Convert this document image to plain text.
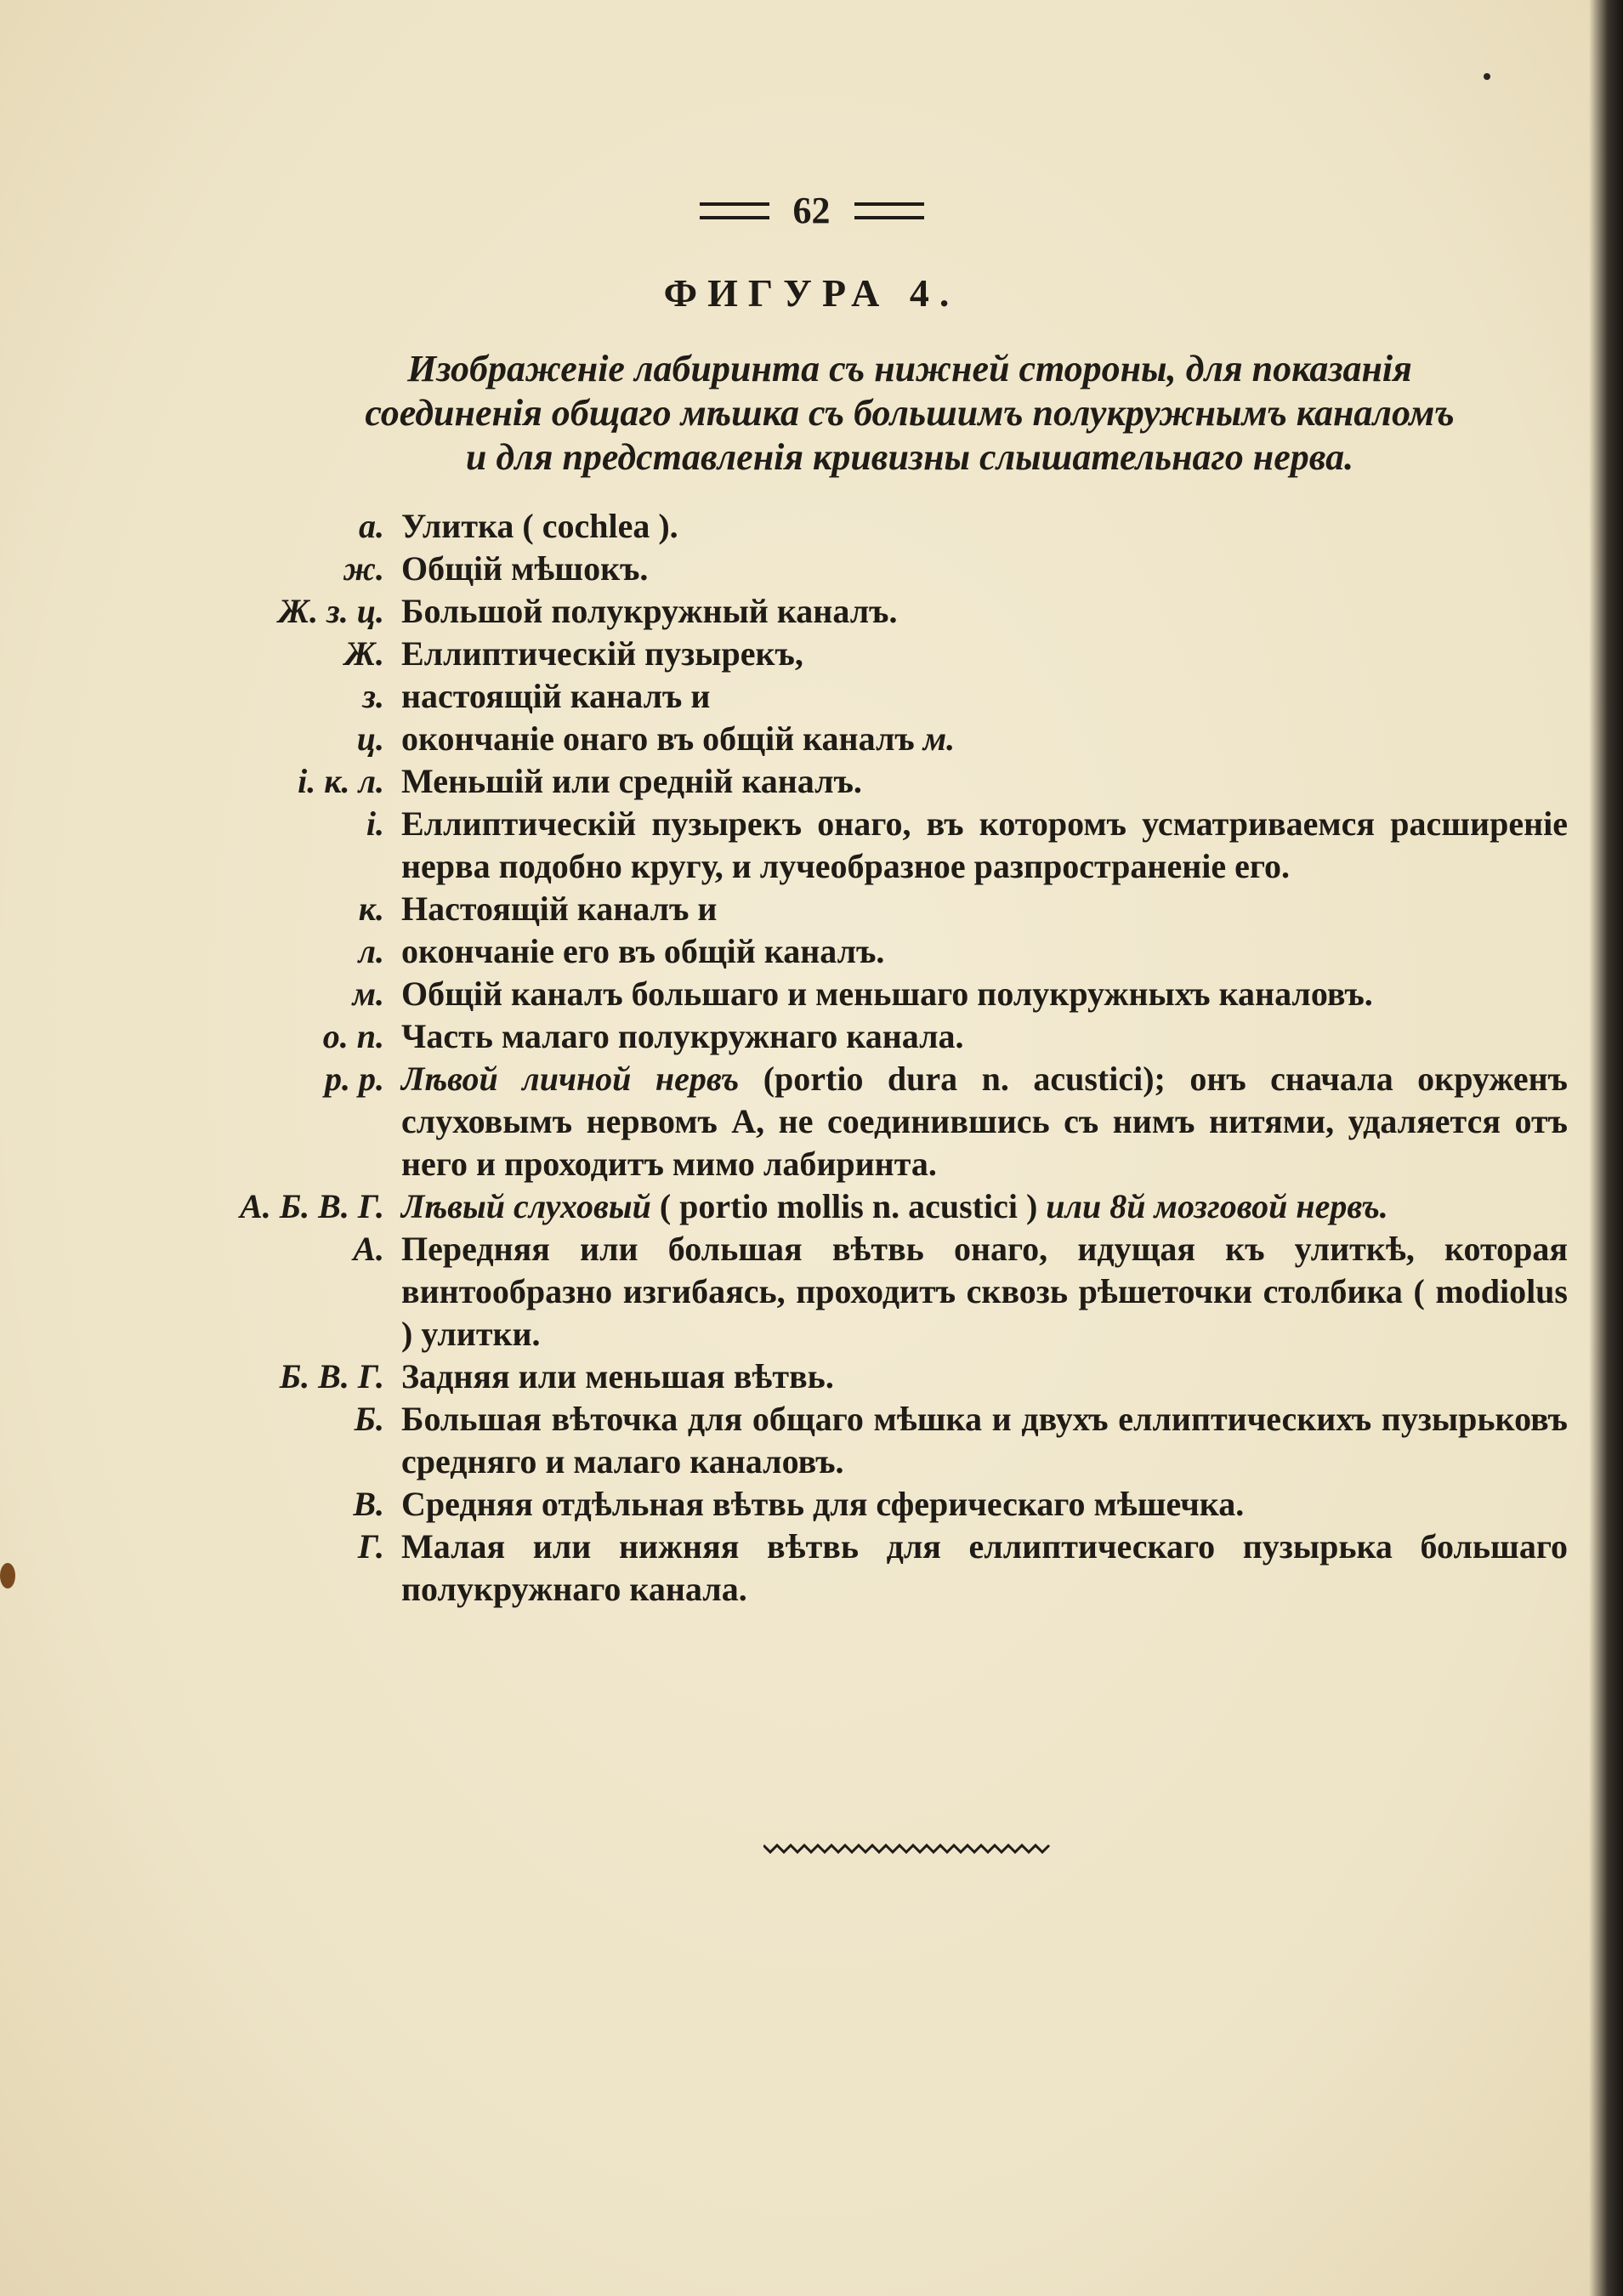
62
ФИГУРА 4.
Изображеніе лабиринта съ нижней стороны, для показанія
соединенія общаго мѣшка съ большимъ полукружнымъ каналомъ
и для представленія кривизны слышательнаго нерва.
а. Улитка ( cochlea ).
ж. Общій мѣшокъ.
Ж. з. ц. Большой полукружный каналъ.
Ж. Еллиптическій пузырекъ,
з. настоящій каналъ и
ц. окончаніе онаго въ общій каналъ м.
і. к. л. Меньшій или средній каналъ.
і. Еллиптическій пузырекъ онаго, въ которомъ усматриваемся расширеніе нерва подобно кругу, и лучеобразное разпространеніе его.
к. Настоящій каналъ и
л. окончаніе его въ общій каналъ.
м. Общій каналъ большаго и меньшаго полукружныхъ каналовъ.
о. п. Часть малаго полукружнаго канала.
р. р. Лѣвой личной нервъ (portio dura n. acustici); онъ сначала окруженъ слуховымъ нервомъ А, не соединившись съ нимъ нитями, удаляется отъ него и проходитъ мимо лабиринта.
А. Б. В. Г. Лѣвый слуховый ( portio mollis n. acustici ) или 8й мозговой нервъ.
А. Передняя или большая вѣтвь онаго, идущая къ улиткѣ, которая винтообразно изгибаясь, проходитъ сквозь рѣшеточки столбика ( modiolus ) улитки.
Б. В. Г. Задняя или меньшая вѣтвь.
Б. Большая вѣточка для общаго мѣшка и двухъ еллиптическихъ пузырьковъ средняго и малаго каналовъ.
В. Средняя отдѣльная вѣтвь для сферическаго мѣшечка.
Г. Малая или нижняя вѣтвь для еллиптическаго пузырька большаго полукружнаго канала.
